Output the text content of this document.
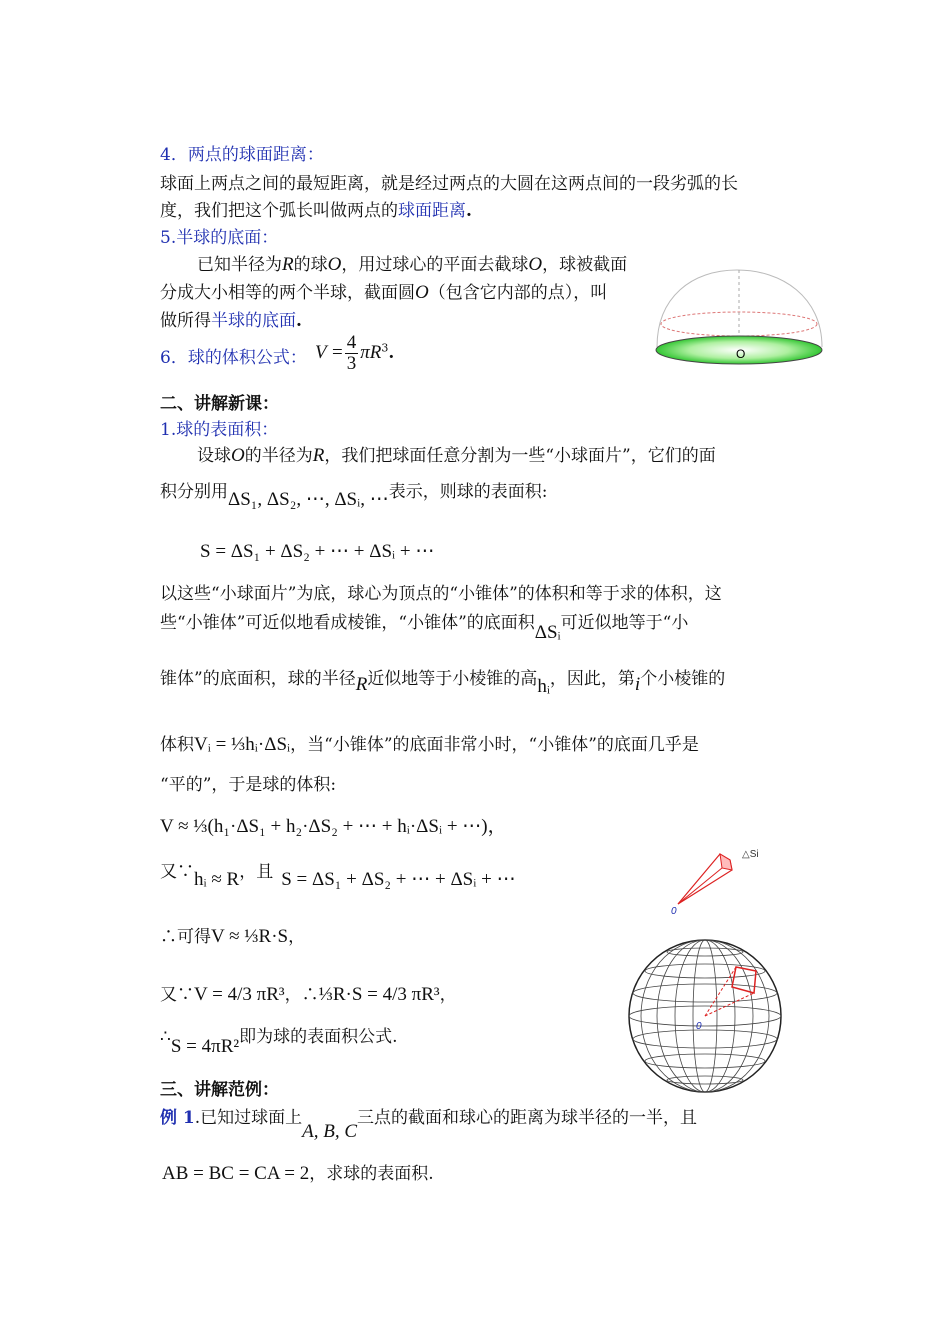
4．两点的球面距离：
球面上两点之间的最短距离，就是经过两点的大圆在这两点间的一段劣弧的长
度，我们把这个弧长叫做两点的球面距离.
5.半球的底面：
已知半径为R的球O，用过球心的平面去截球O，球被截面
分成大小相等的两个半球，截面圆O（包含它内部的点），叫
做所得半球的底面.
O
6．球的体积公式： $V = \frac{4}{3} \pi R^3$.
二、讲解新课：
1.球的表面积：
设球O的半径为R，我们把球面任意分割为一些“小球面片”，它们的面
积分别用ΔS₁, ΔS₂, ⋯, ΔSᵢ, ⋯表示，则球的表面积:
S = ΔS₁ + ΔS₂ + ⋯ + ΔSᵢ + ⋯
以这些“小球面片”为底，球心为顶点的“小锥体”的体积和等于求的体积，这
些“小锥体”可近似地看成棱锥，“小锥体”的底面积ΔSᵢ可近似地等于“小
锥体”的底面积，球的半径R近似地等于小棱锥的高hᵢ，因此，第i个小棱锥的
体积Vᵢ = ⅓hᵢ·ΔSᵢ，当“小锥体”的底面非常小时，“小锥体”的底面几乎是
“平的”，于是球的体积:
V ≈ ⅓(h₁·ΔS₁ + h₂·ΔS₂ + ⋯ + hᵢ·ΔSᵢ + ⋯)，
又∵hᵢ ≈ R，且 S = ΔS₁ + ΔS₂ + ⋯ + ΔSᵢ + ⋯
∴可得V ≈ ⅓R·S，
又∵V = 4/3 πR³，∴⅓R·S = 4/3 πR³，
∴S = 4πR²即为球的表面积公式.
△Si
0
0
三、讲解范例：
例 1.已知过球面上A, B, C三点的截面和球心的距离为球半径的一半，且
AB = BC = CA = 2，求球的表面积.
